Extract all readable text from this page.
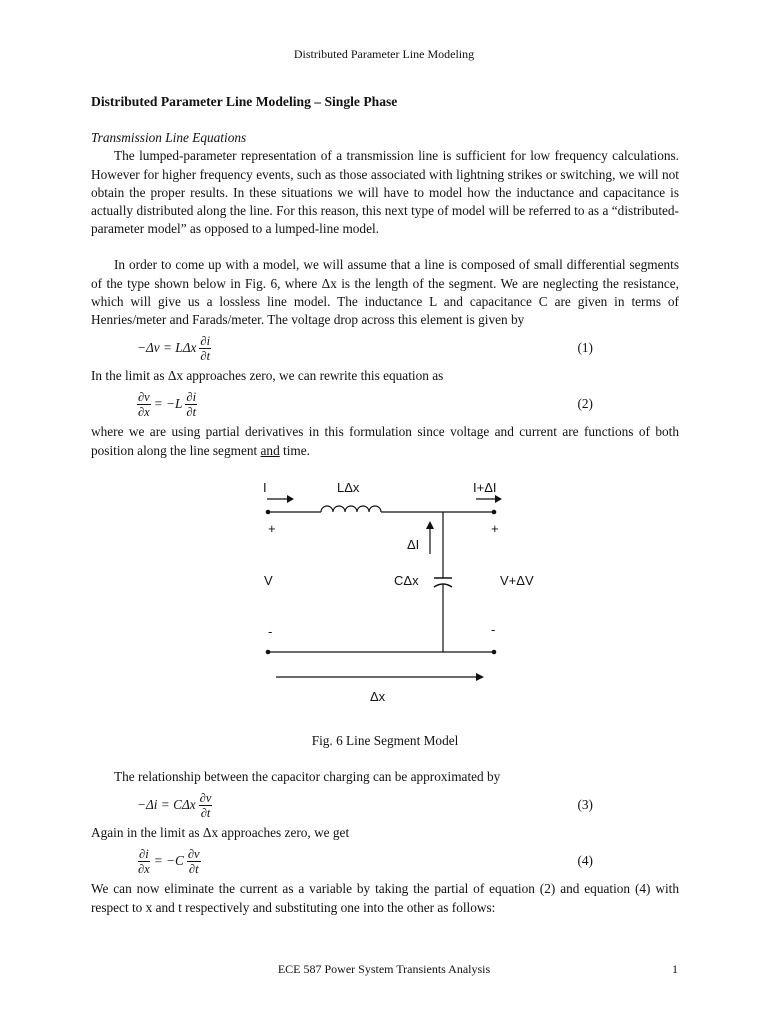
Distributed Parameter Line Modeling
Distributed Parameter Line Modeling – Single Phase
Transmission Line Equations

The lumped-parameter representation of a transmission line is sufficient for low frequency calculations. However for higher frequency events, such as those associated with lightning strikes or switching, we will not obtain the proper results. In these situations we will have to model how the inductance and capacitance is actually distributed along the line. For this reason, this next type of model will be referred to as a “distributed-parameter model” as opposed to a lumped-line model.

In order to come up with a model, we will assume that a line is composed of small differential segments of the type shown below in Fig. 6, where Δx is the length of the segment. We are neglecting the resistance, which will give us a lossless line model. The inductance L and capacitance C are given in terms of Henries/meter and Farads/meter. The voltage drop across this element is given by

−Δv = LΔx $\frac{\partial i}{\partial t}$	(1)

In the limit as Δx approaches zero, we can rewrite this equation as

$\frac{\partial v}{\partial x} = -L \frac{\partial i}{\partial t}$	(2)

where we are using partial derivatives in this formulation since voltage and current are functions of both position along the line segment and time.

I	LΔx	I+ΔI
+	+
ΔI
V	CΔx	V+ΔV
-	-
Δx
Fig. 6 Line Segment Model

The relationship between the capacitor charging can be approximated by

−Δi = CΔx $\frac{\partial v}{\partial t}$	(3)

Again in the limit as Δx approaches zero, we get

$\frac{\partial i}{\partial x} = -C \frac{\partial v}{\partial t}$	(4)

We can now eliminate the current as a variable by taking the partial of equation (2) and equation (4) with respect to x and t respectively and substituting one into the other as follows:

ECE 587 Power System Transients Analysis	1
